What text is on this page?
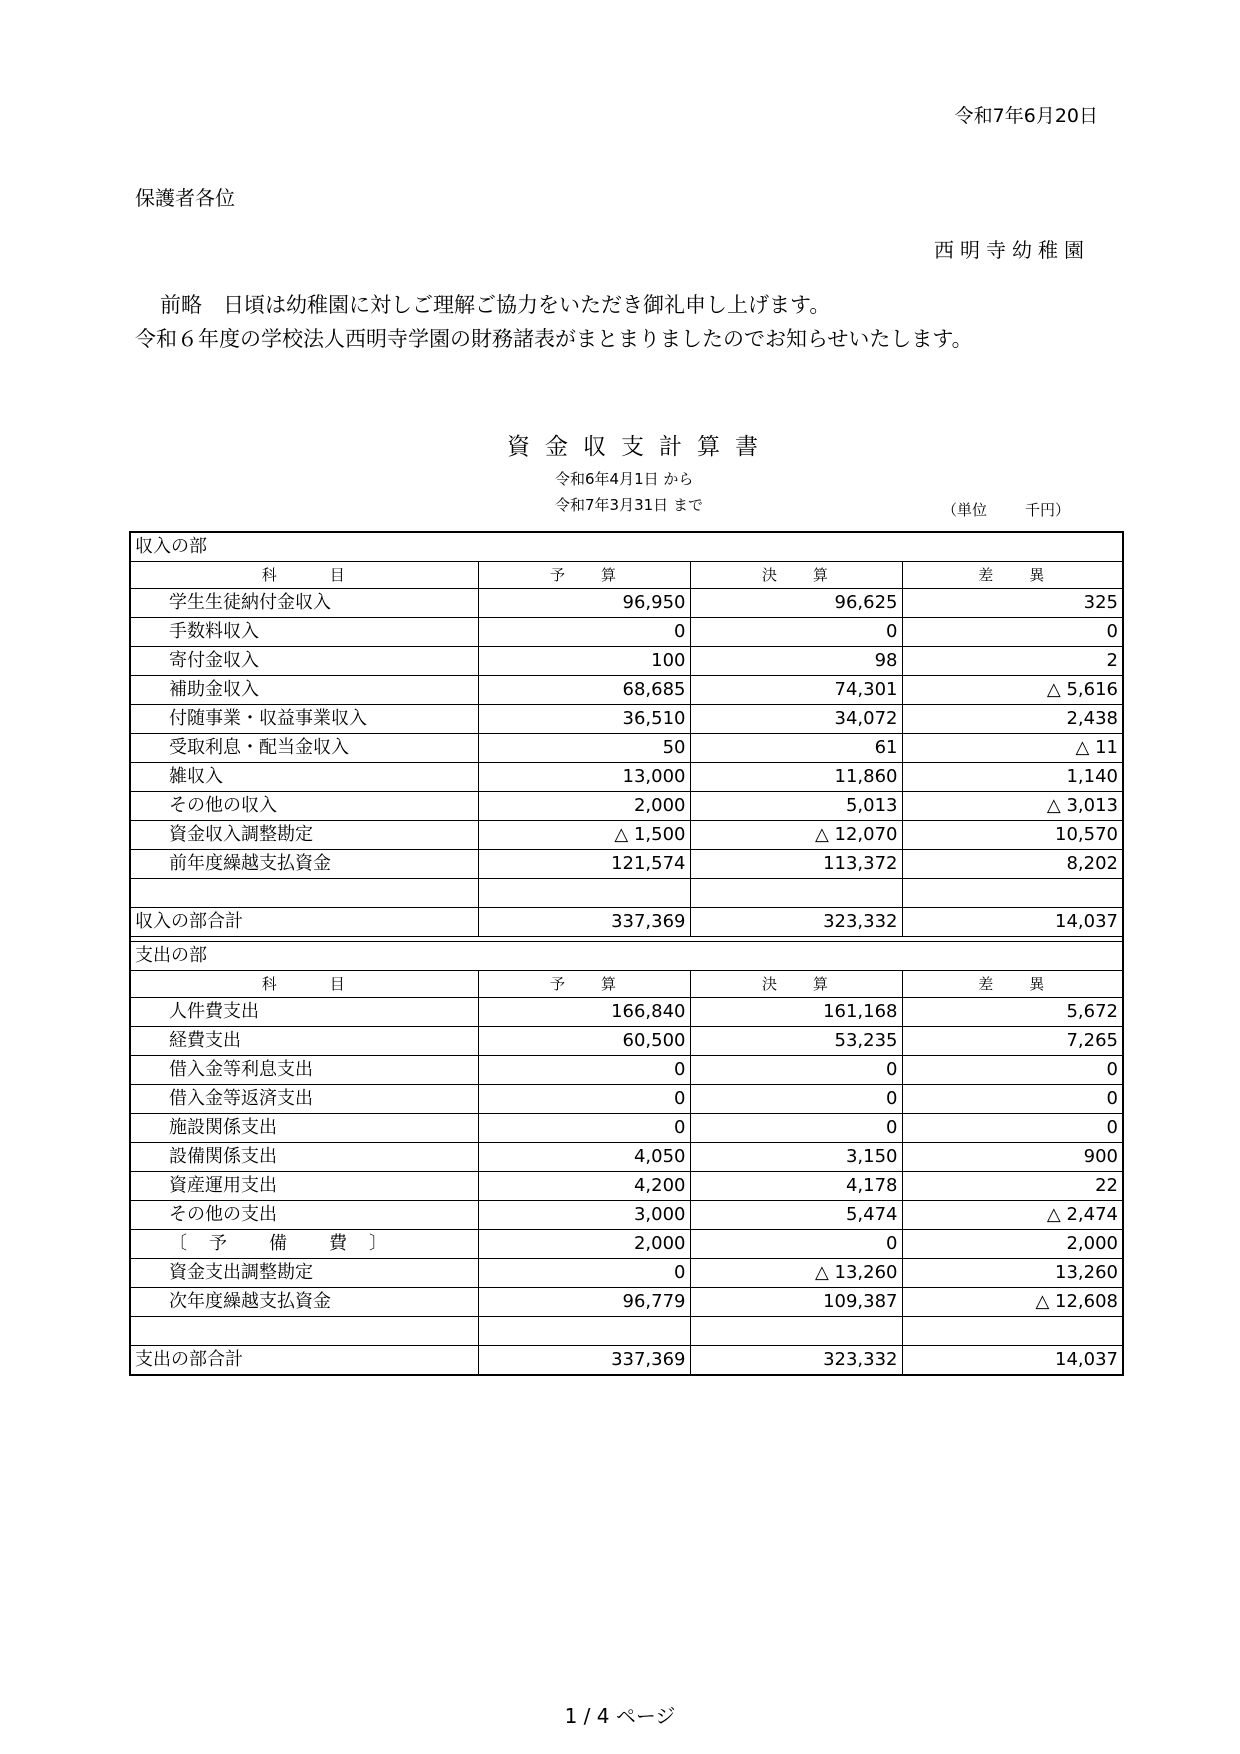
令和7年6月20日
保護者各位
西明寺幼稚園
前略　日頃は幼稚園に対しご理解ご協力をいただき御礼申し上げます。
令和６年度の学校法人西明寺学園の財務諸表がまとまりましたのでお知らせいたします。
資金収支計算書
令和6年4月1日 から
令和7年3月31日 まで	（単位	千円）
収入の部			
科　　　目	予　　算	決　　算	差　　異
学生生徒納付金収入	96,950	96,625	325
手数料収入	0	0	0
寄付金収入	100	98	2
補助金収入	68,685	74,301	△ 5,616
付随事業・収益事業収入	36,510	34,072	2,438
受取利息・配当金収入	50	61	△ 11
雑収入	13,000	11,860	1,140
その他の収入	2,000	5,013	△ 3,013
資金収入調整勘定	△ 1,500	△ 12,070	10,570
前年度繰越支払資金	121,574	113,372	8,202

収入の部合計	337,369	323,332	14,037

支出の部			
科　　　目	予　　算	決　　算	差　　異
人件費支出	166,840	161,168	5,672
経費支出	60,500	53,235	7,265
借入金等利息支出	0	0	0
借入金等返済支出	0	0	0
施設関係支出	0	0	0
設備関係支出	4,050	3,150	900
資産運用支出	4,200	4,178	22
その他の支出	3,000	5,474	△ 2,474
〔　予　　備　　費　〕	2,000	0	2,000
資金支出調整勘定	0	△ 13,260	13,260
次年度繰越支払資金	96,779	109,387	△ 12,608

支出の部合計	337,369	323,332	14,037
1 / 4 ページ
